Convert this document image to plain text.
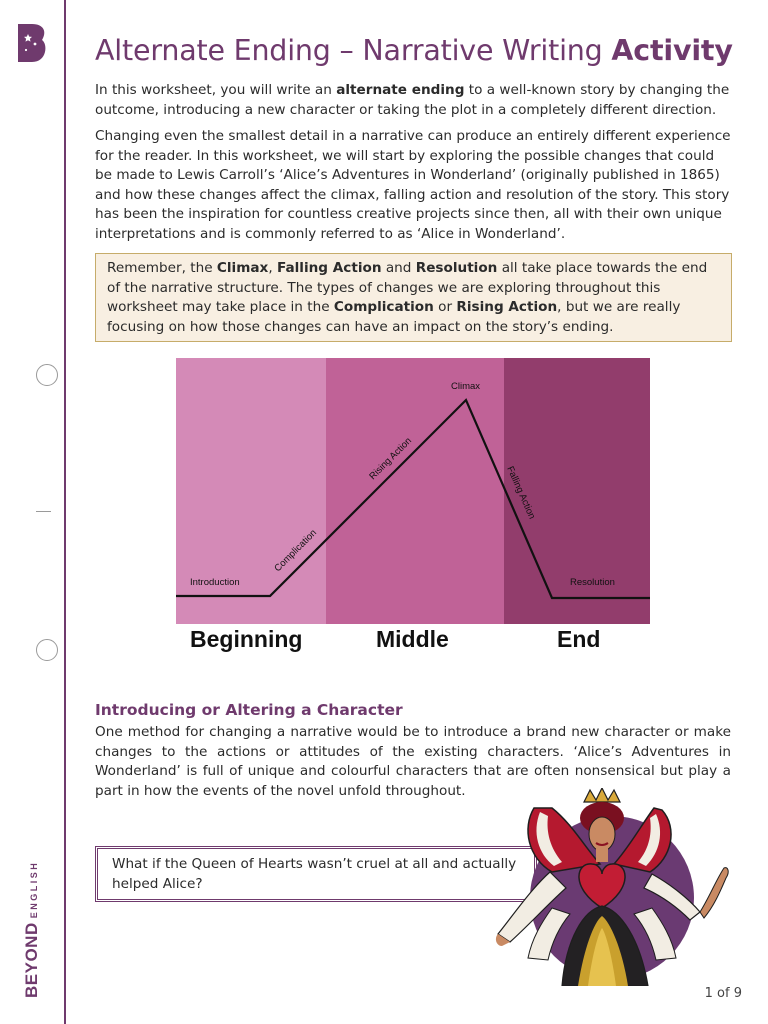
BEYONDENGLISH
Alternate Ending – Narrative Writing Activity

In this worksheet, you will write an alternate ending to a well-known story by changing the outcome, introducing a new character or taking the plot in a completely different direction.

Changing even the smallest detail in a narrative can produce an entirely different experience for the reader. In this worksheet, we will start by exploring the possible changes that could be made to Lewis Carroll’s ‘Alice’s Adventures in Wonderland’ (originally published in 1865) and how these changes affect the climax, falling action and resolution of the story. This story has been the inspiration for countless creative projects since then, all with their own unique interpretations and is commonly referred to as ‘Alice in Wonderland’.

Remember, the Climax, Falling Action and Resolution all take place towards the end of the narrative structure. The types of changes we are exploring throughout this worksheet may take place in the Complication or Rising Action, but we are really focusing on how those changes can have an impact on the story’s ending.
Introduction
Complication
Rising Action
Climax
Falling Action
Resolution
Beginning	Middle	End
Introducing or Altering a Character

One method for changing a narrative would be to introduce a brand new character or make changes to the actions or attitudes of the existing characters. ‘Alice’s Adventures in Wonderland’ is full of unique and colourful characters that are often nonsensical but play a part in how the events of the novel unfold throughout.

What if the Queen of Hearts wasn’t cruel at all and actually helped Alice?
1 of 9
